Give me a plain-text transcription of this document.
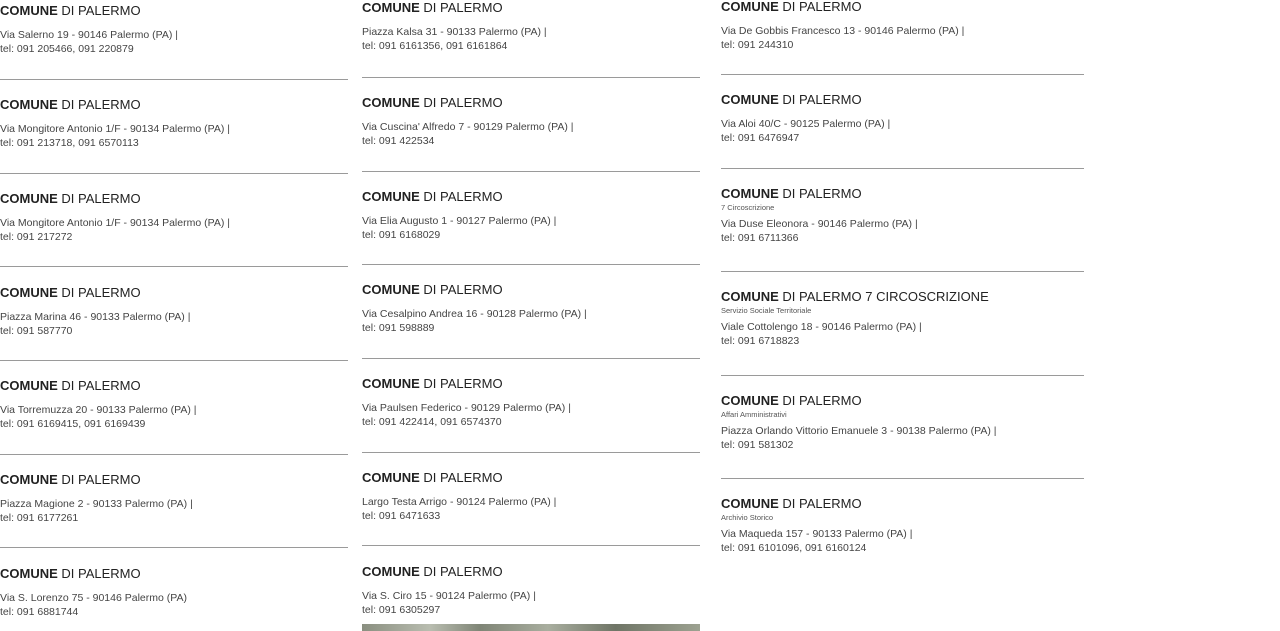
COMUNE DI PALERMO
Via Salerno 19 - 90146 Palermo (PA) |
tel: 091 205466, 091 220879
COMUNE DI PALERMO
Via Mongitore Antonio 1/F - 90134 Palermo (PA) |
tel: 091 213718, 091 6570113
COMUNE DI PALERMO
Via Mongitore Antonio 1/F - 90134 Palermo (PA) |
tel: 091 217272
COMUNE DI PALERMO
Piazza Marina 46 - 90133 Palermo (PA) |
tel: 091 587770
COMUNE DI PALERMO
Via Torremuzza 20 - 90133 Palermo (PA) |
tel: 091 6169415, 091 6169439
COMUNE DI PALERMO
Piazza Magione 2 - 90133 Palermo (PA) |
tel: 091 6177261
COMUNE DI PALERMO
Via S. Lorenzo 75 - 90146 Palermo (PA)
tel: 091 6881744
COMUNE DI PALERMO
Piazza Kalsa 31 - 90133 Palermo (PA) |
tel: 091 6161356, 091 6161864
COMUNE DI PALERMO
Via Cuscina' Alfredo 7 - 90129 Palermo (PA) |
tel: 091 422534
COMUNE DI PALERMO
Via Elia Augusto 1 - 90127 Palermo (PA) |
tel: 091 6168029
COMUNE DI PALERMO
Via Cesalpino Andrea 16 - 90128 Palermo (PA) |
tel: 091 598889
COMUNE DI PALERMO
Via Paulsen Federico - 90129 Palermo (PA) |
tel: 091 422414, 091 6574370
COMUNE DI PALERMO
Largo Testa Arrigo - 90124 Palermo (PA) |
tel: 091 6471633
COMUNE DI PALERMO
Via S. Ciro 15 - 90124 Palermo (PA) |
tel: 091 6305297
COMUNE DI PALERMO
Via De Gobbis Francesco 13 - 90146 Palermo (PA) |
tel: 091 244310
COMUNE DI PALERMO
Via Aloi 40/C - 90125 Palermo (PA) |
tel: 091 6476947
COMUNE DI PALERMO
7 Circoscrizione
Via Duse Eleonora - 90146 Palermo (PA) |
tel: 091 6711366
COMUNE DI PALERMO 7 CIRCOSCRIZIONE
Servizio Sociale Territoriale
Viale Cottolengo 18 - 90146 Palermo (PA) |
tel: 091 6718823
COMUNE DI PALERMO
Affari Amministrativi
Piazza Orlando Vittorio Emanuele 3 - 90138 Palermo (PA) |
tel: 091 581302
COMUNE DI PALERMO
Archivio Storico
Via Maqueda 157 - 90133 Palermo (PA) |
tel: 091 6101096, 091 6160124
